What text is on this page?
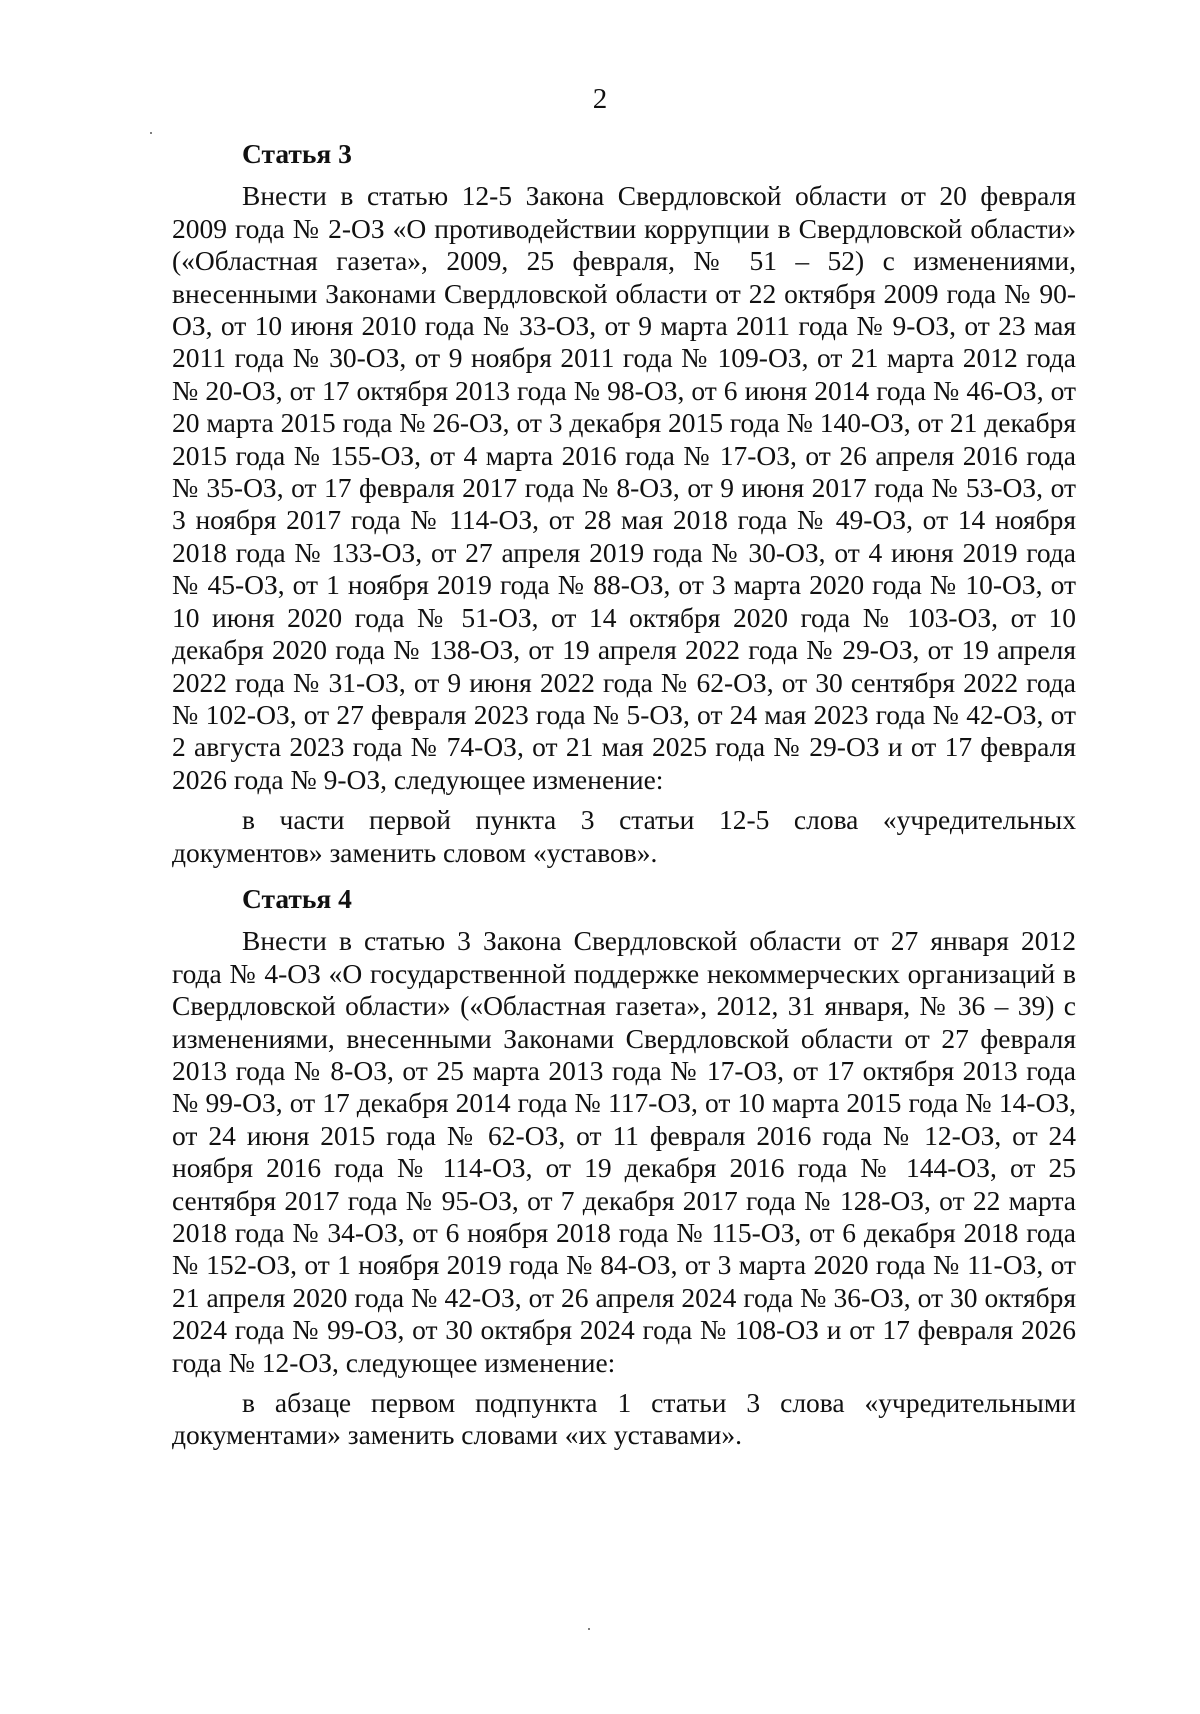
2
Статья 3

Внести в статью 12-5 Закона Свердловской области от 20 февраля 2009 года № 2-ОЗ «О противодействии коррупции в Свердловской области» («Областная газета», 2009, 25 февраля, № 51 – 52) с изменениями, внесенными Законами Свердловской области от 22 октября 2009 года № 90-ОЗ, от 10 июня 2010 года № 33-ОЗ, от 9 марта 2011 года № 9-ОЗ, от 23 мая 2011 года № 30-ОЗ, от 9 ноября 2011 года № 109-ОЗ, от 21 марта 2012 года № 20-ОЗ, от 17 октября 2013 года № 98-ОЗ, от 6 июня 2014 года № 46-ОЗ, от 20 марта 2015 года № 26-ОЗ, от 3 декабря 2015 года № 140-ОЗ, от 21 декабря 2015 года № 155-ОЗ, от 4 марта 2016 года № 17-ОЗ, от 26 апреля 2016 года № 35-ОЗ, от 17 февраля 2017 года № 8-ОЗ, от 9 июня 2017 года № 53-ОЗ, от 3 ноября 2017 года № 114-ОЗ, от 28 мая 2018 года № 49-ОЗ, от 14 ноября 2018 года № 133-ОЗ, от 27 апреля 2019 года № 30-ОЗ, от 4 июня 2019 года № 45-ОЗ, от 1 ноября 2019 года № 88-ОЗ, от 3 марта 2020 года № 10-ОЗ, от 10 июня 2020 года № 51-ОЗ, от 14 октября 2020 года № 103-ОЗ, от 10 декабря 2020 года № 138-ОЗ, от 19 апреля 2022 года № 29-ОЗ, от 19 апреля 2022 года № 31-ОЗ, от 9 июня 2022 года № 62-ОЗ, от 30 сентября 2022 года № 102-ОЗ, от 27 февраля 2023 года № 5-ОЗ, от 24 мая 2023 года № 42-ОЗ, от 2 августа 2023 года № 74-ОЗ, от 21 мая 2025 года № 29-ОЗ и от 17 февраля 2026 года № 9-ОЗ, следующее изменение:

в части первой пункта 3 статьи 12-5 слова «учредительных документов» заменить словом «уставов».

Статья 4

Внести в статью 3 Закона Свердловской области от 27 января 2012 года № 4-ОЗ «О государственной поддержке некоммерческих организаций в Свердловской области» («Областная газета», 2012, 31 января, № 36 – 39) с изменениями, внесенными Законами Свердловской области от 27 февраля 2013 года № 8-ОЗ, от 25 марта 2013 года № 17-ОЗ, от 17 октября 2013 года № 99-ОЗ, от 17 декабря 2014 года № 117-ОЗ, от 10 марта 2015 года № 14-ОЗ, от 24 июня 2015 года № 62-ОЗ, от 11 февраля 2016 года № 12-ОЗ, от 24 ноября 2016 года № 114-ОЗ, от 19 декабря 2016 года № 144-ОЗ, от 25 сентября 2017 года № 95-ОЗ, от 7 декабря 2017 года № 128-ОЗ, от 22 марта 2018 года № 34-ОЗ, от 6 ноября 2018 года № 115-ОЗ, от 6 декабря 2018 года № 152-ОЗ, от 1 ноября 2019 года № 84-ОЗ, от 3 марта 2020 года № 11-ОЗ, от 21 апреля 2020 года № 42-ОЗ, от 26 апреля 2024 года № 36-ОЗ, от 30 октября 2024 года № 99-ОЗ, от 30 октября 2024 года № 108-ОЗ и от 17 февраля 2026 года № 12-ОЗ, следующее изменение:

в абзаце первом подпункта 1 статьи 3 слова «учредительными документами» заменить словами «их уставами».
